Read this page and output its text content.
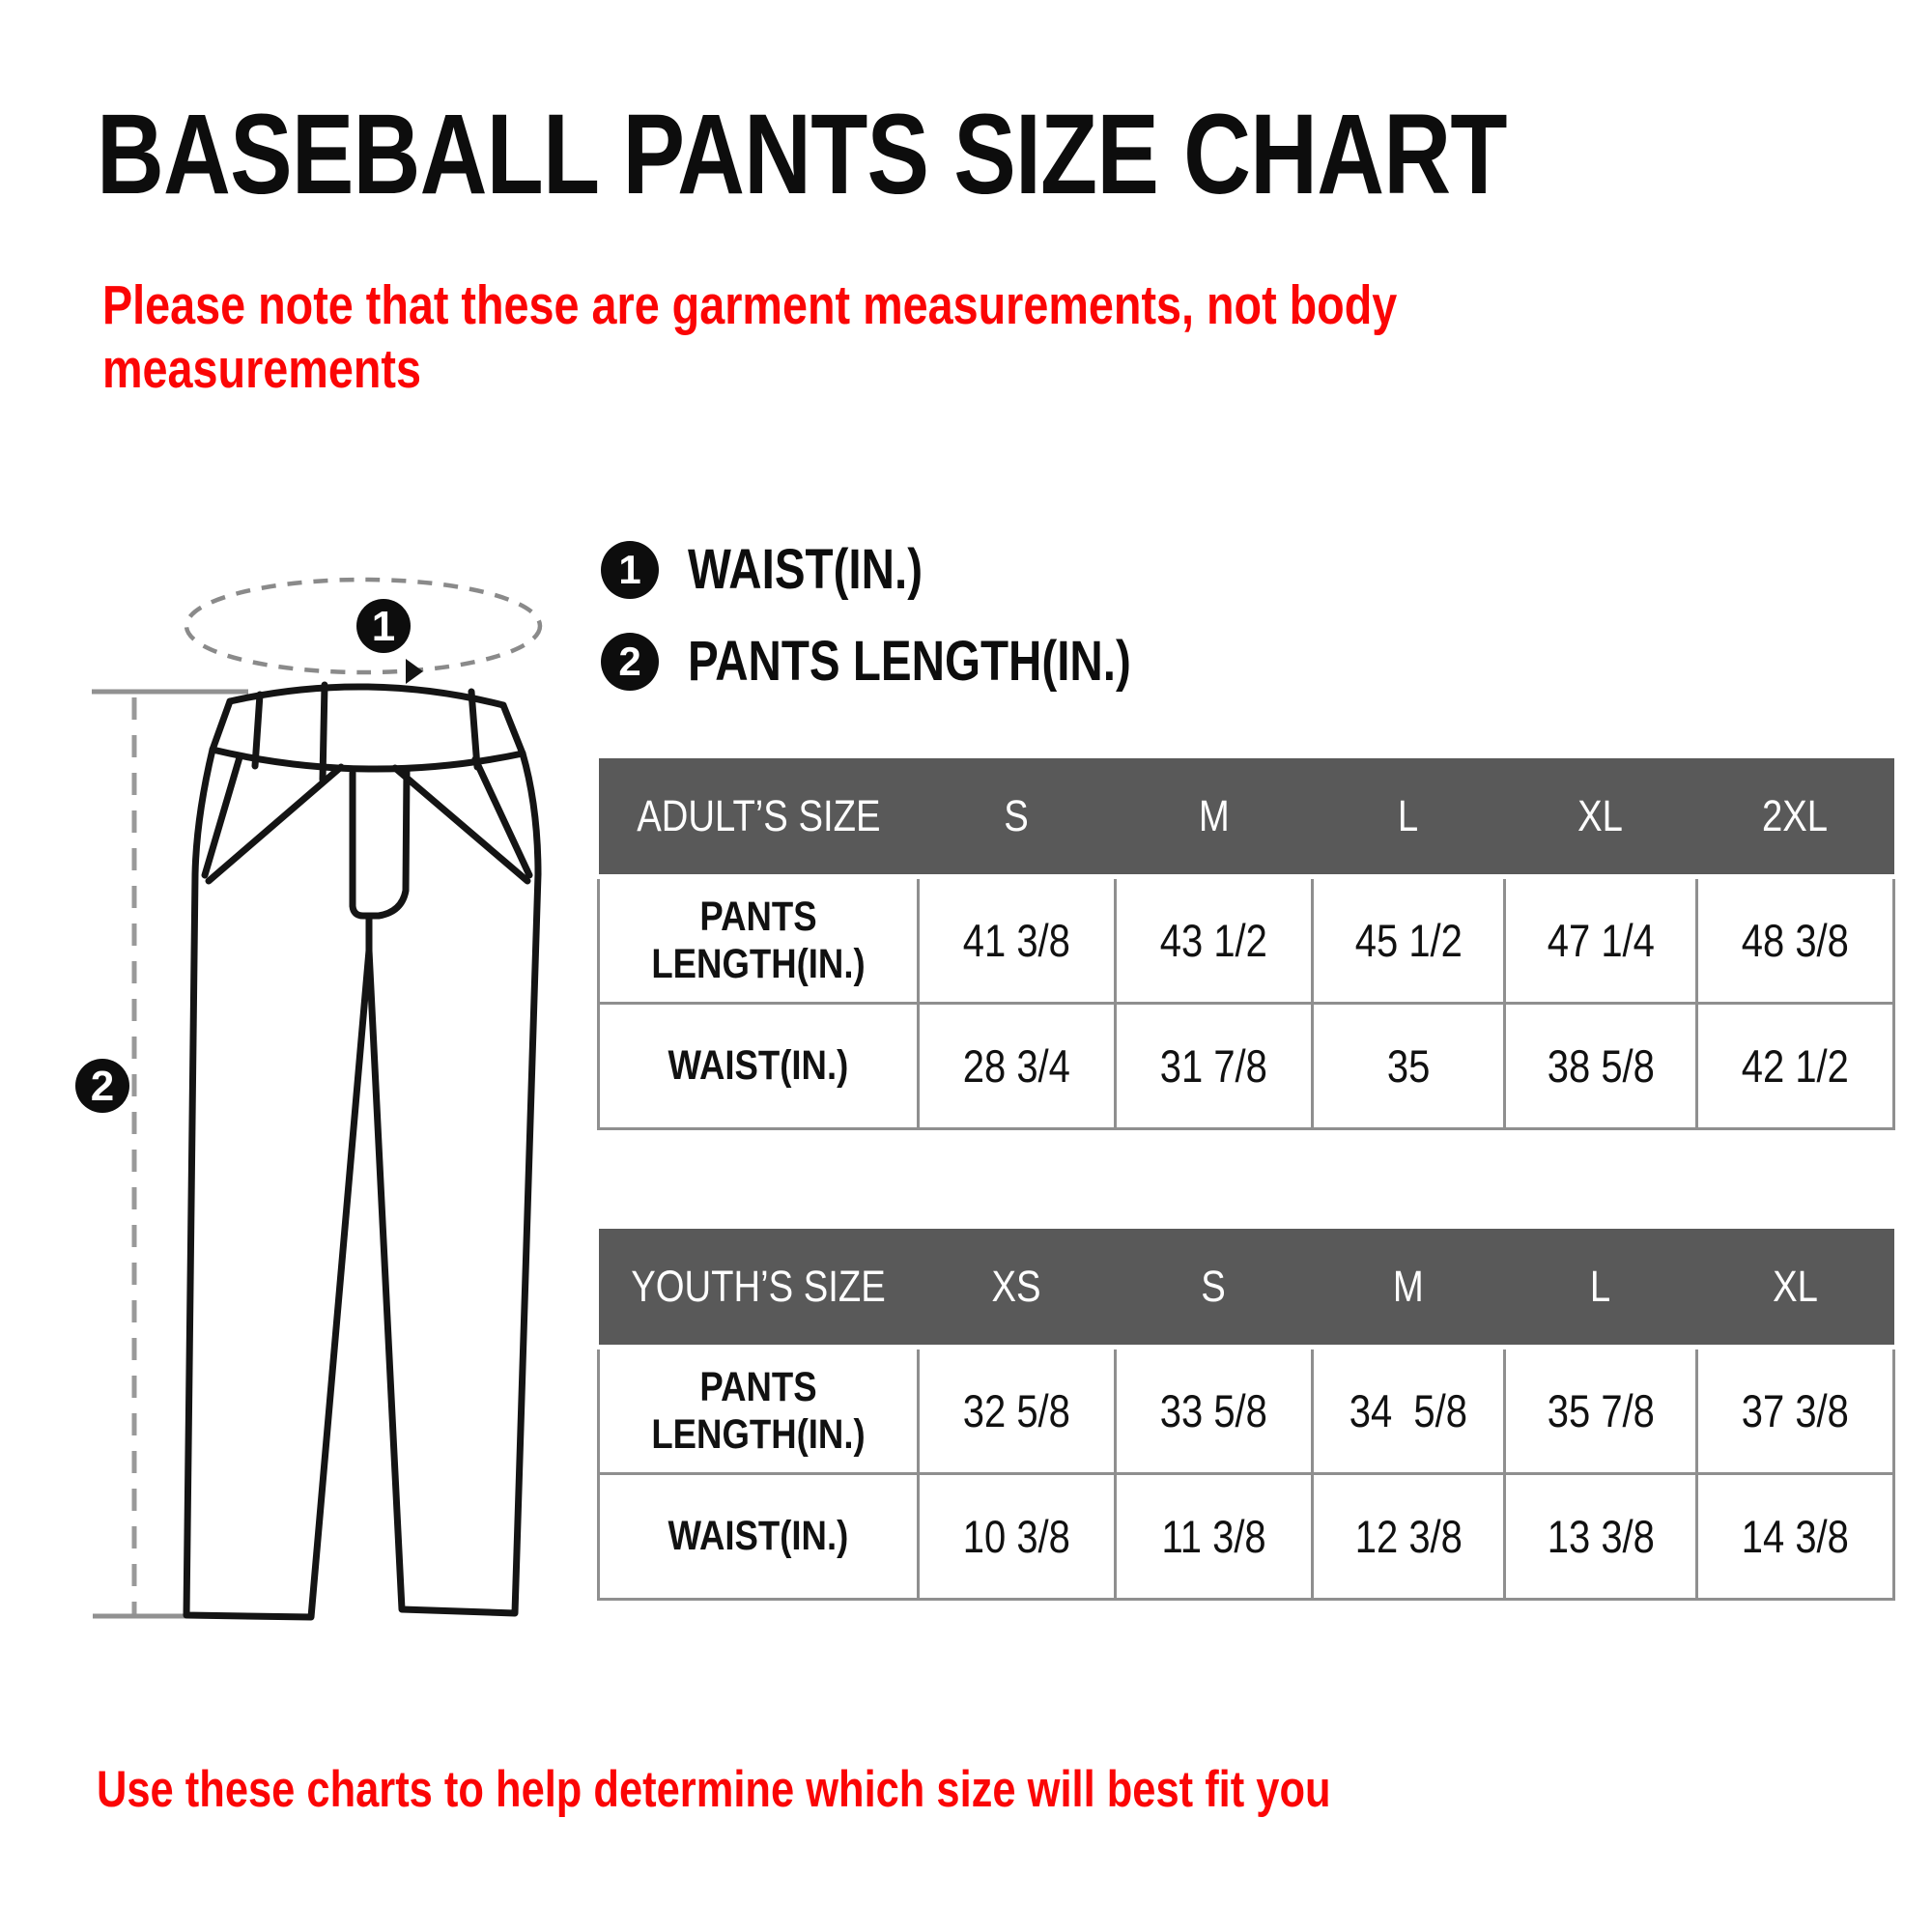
BASEBALL PANTS SIZE CHART
Please note that these are garment measurements, not body
measurements
1 WAIST(IN.)
2 PANTS LENGTH(IN.)
1
2
ADULT’S SIZE	S	M	L	XL	2XL
PANTS LENGTH(IN.)	41 3/8	43 1/2	45 1/2	47 1/4	48 3/8
WAIST(IN.)	28 3/4	31 7/8	35	38 5/8	42 1/2
YOUTH’S SIZE	XS	S	M	L	XL
PANTS LENGTH(IN.)	32 5/8	33 5/8	34  5/8	35 7/8	37 3/8
WAIST(IN.)	10 3/8	11 3/8	12 3/8	13 3/8	14 3/8
Use these charts to help determine which size will best fit you
